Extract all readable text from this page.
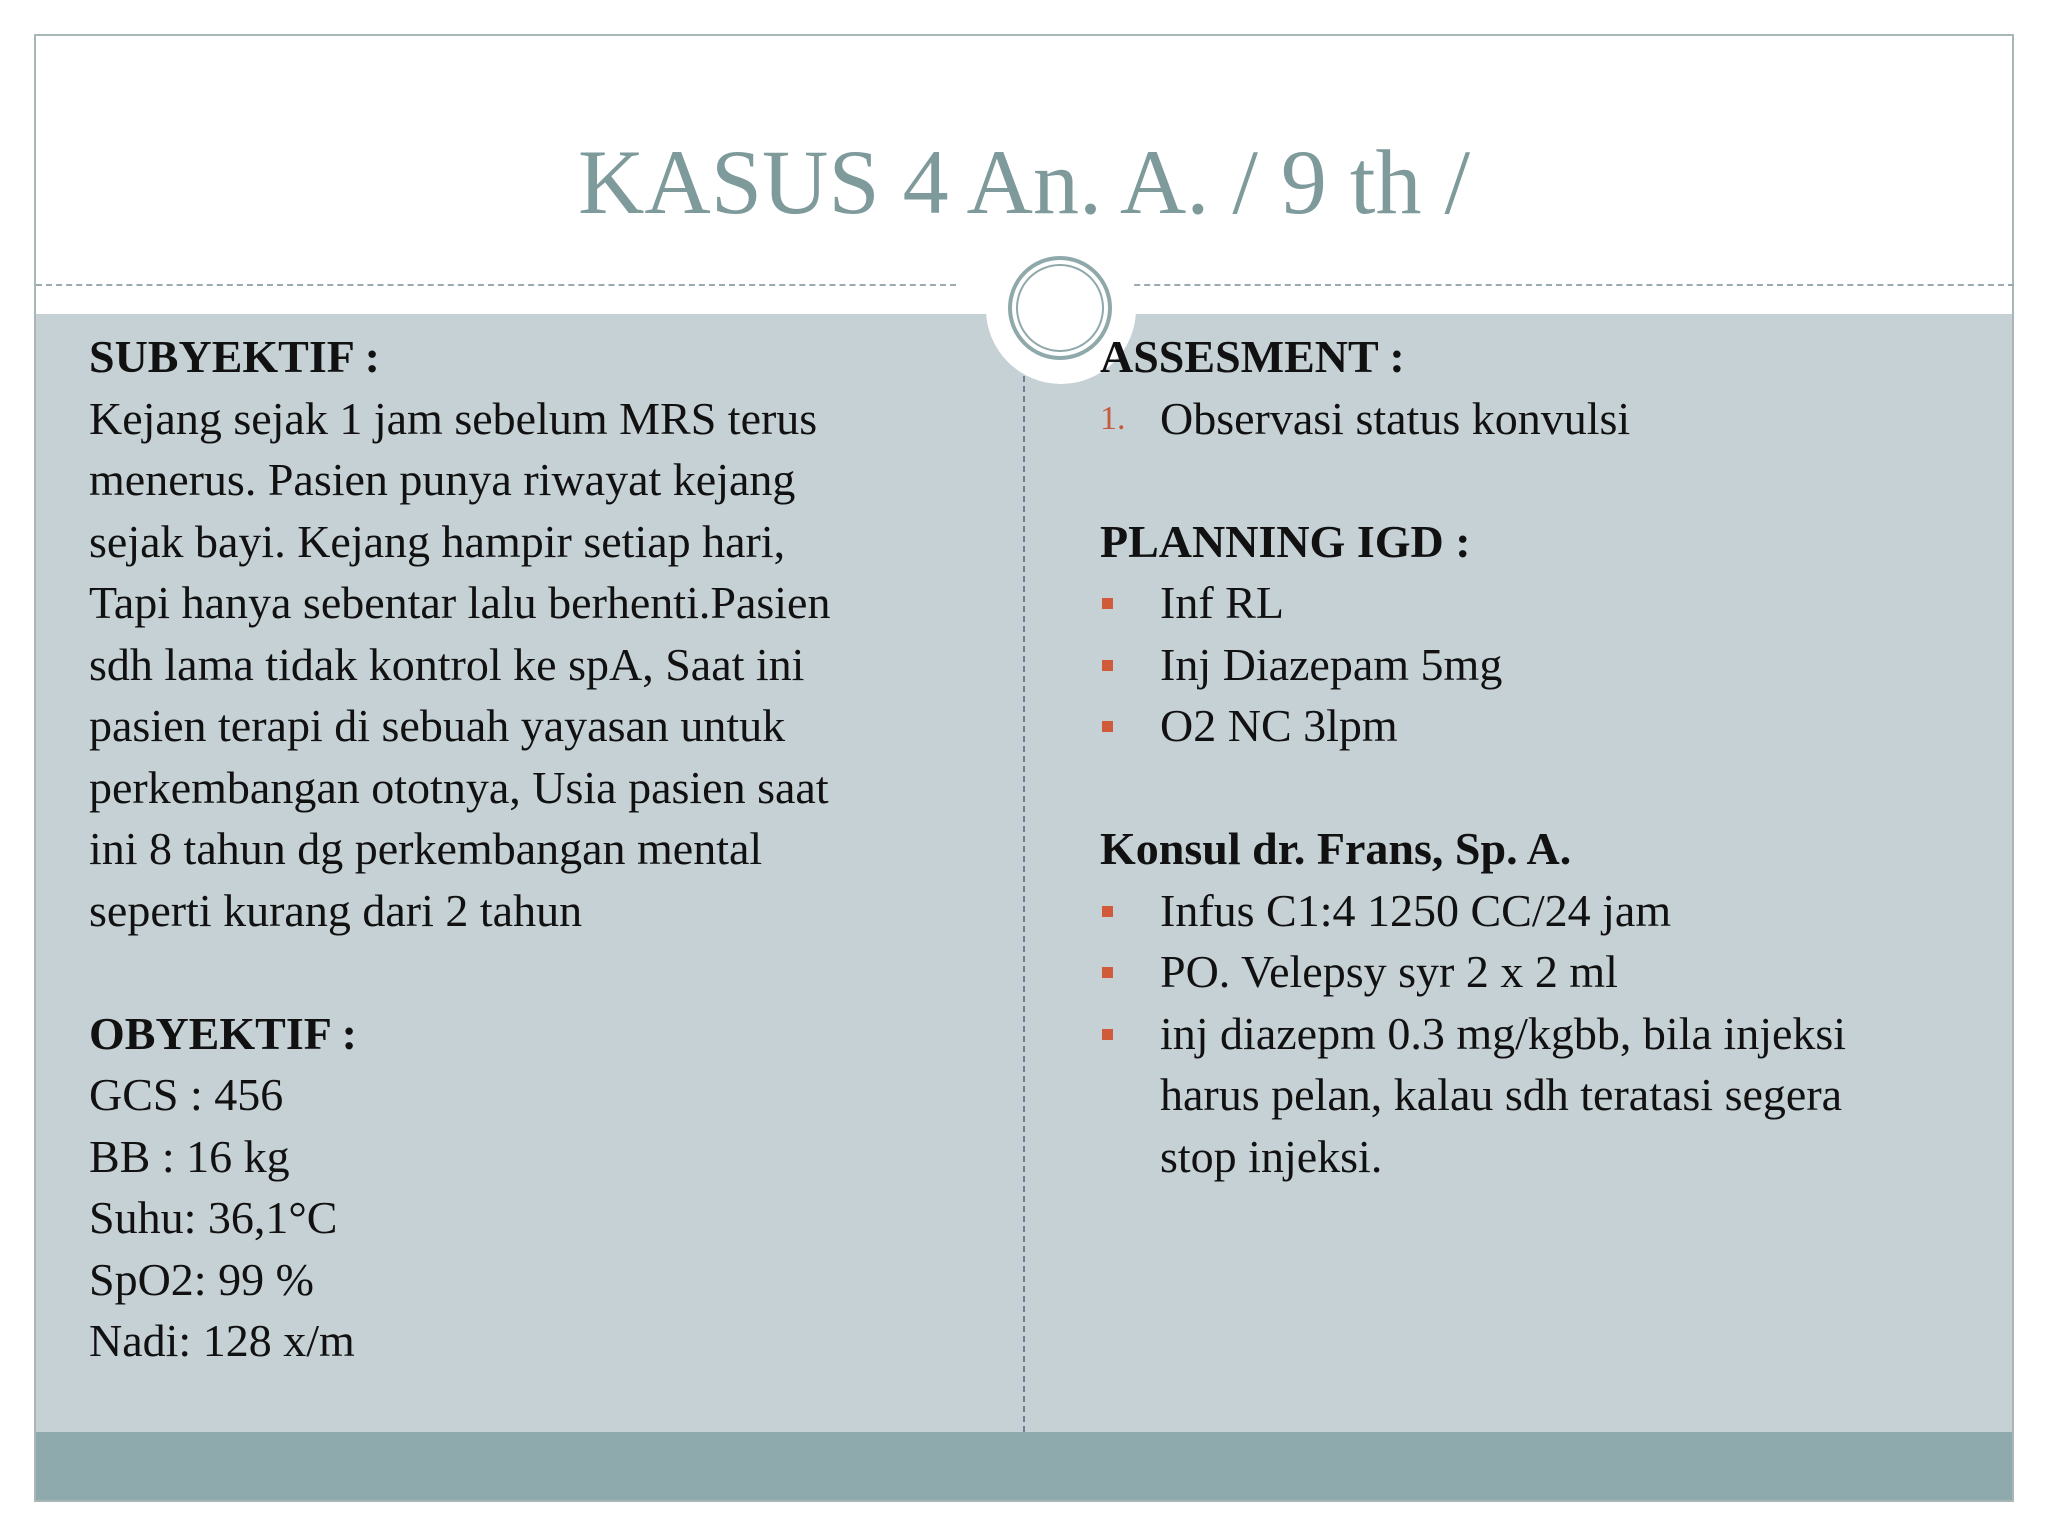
KASUS 4 An. A. / 9 th /
SUBYEKTIF :
Kejang sejak 1 jam sebelum MRS terus
menerus. Pasien punya riwayat kejang
sejak bayi. Kejang hampir setiap hari,
Tapi hanya sebentar lalu berhenti.Pasien
sdh lama tidak kontrol ke spA, Saat ini
pasien terapi di sebuah yayasan untuk
perkembangan ototnya, Usia pasien saat
ini 8 tahun dg perkembangan mental
seperti kurang dari 2 tahun
OBYEKTIF :
GCS : 456
BB : 16 kg
Suhu: 36,1°C
SpO2: 99 %
Nadi: 128 x/m
ASSESMENT :
1. Observasi status konvulsi
PLANNING IGD :
Inf RL
Inj Diazepam 5mg
O2 NC 3lpm
Konsul dr. Frans, Sp. A.
Infus C1:4 1250 CC/24 jam
PO. Velepsy syr 2 x 2 ml
inj diazepm 0.3 mg/kgbb, bila injeksi
harus pelan, kalau sdh teratasi segera
stop injeksi.
